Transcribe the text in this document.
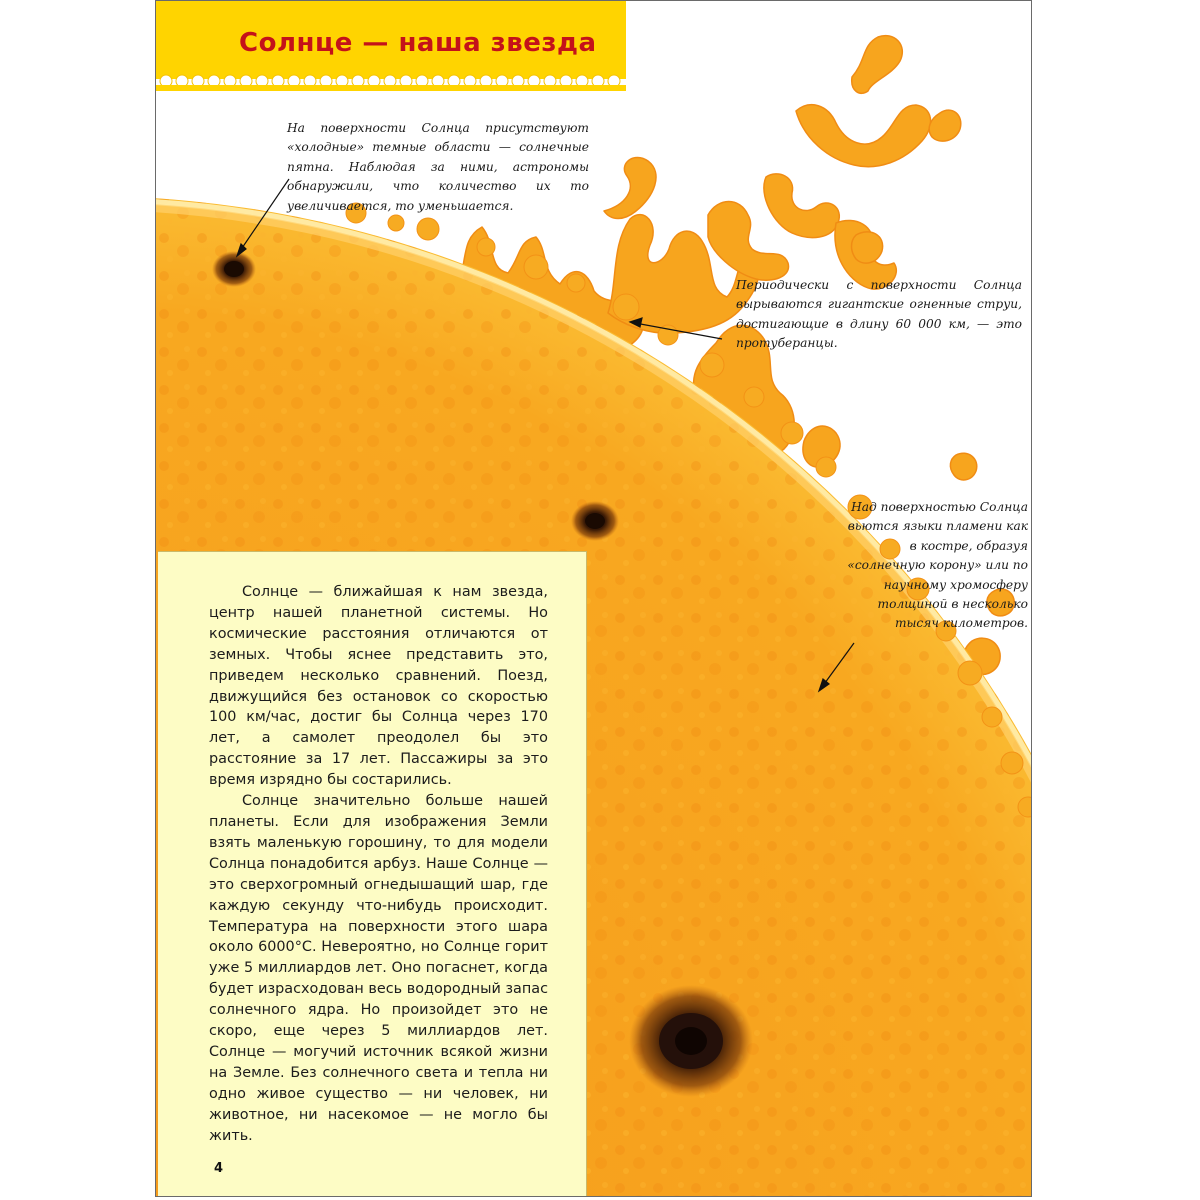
Солнце — наша звезда

На поверхности Солнца присутствуют «холодные» темные области — солнечные пятна. Наблюдая за ними, астрономы обнаружили, что количество их то увеличивается, то уменьшается.

Периодически с поверхности Солнца вырываются гигантские огненные струи, достигающие в длину 60 000 км, — это протуберанцы.

Над поверхностью Солнца вьются языки пламени как в костре, образуя «солнечную корону» или по научному хромосферу толщиной в несколько тысяч километров.

Солнце — ближайшая к нам звезда, центр нашей планетной системы. Но космические расстояния отличаются от земных. Чтобы яснее представить это, приведем несколько сравнений. Поезд, движущийся без остановок со скоростью 100 км/час, достиг бы Солнца через 170 лет, а самолет преодолел бы это расстояние за 17 лет. Пассажиры за это время изрядно бы состарились.

Солнце значительно больше нашей планеты. Если для изображения Земли взять маленькую горошину, то для модели Солнца понадобится арбуз. Наше Солнце — это сверхогромный огнедышащий шар, где каждую секунду что-нибудь происходит. Температура на поверхности этого шара около 6000°С. Невероятно, но Солнце горит уже 5 миллиардов лет. Оно погаснет, когда будет израсходован весь водородный запас солнечного ядра. Но произойдет это не скоро, еще через 5 миллиардов лет. Солнце — могучий источник всякой жизни на Земле. Без солнечного света и тепла ни одно живое существо — ни человек, ни животное, ни насекомое — не могло бы жить.

4
